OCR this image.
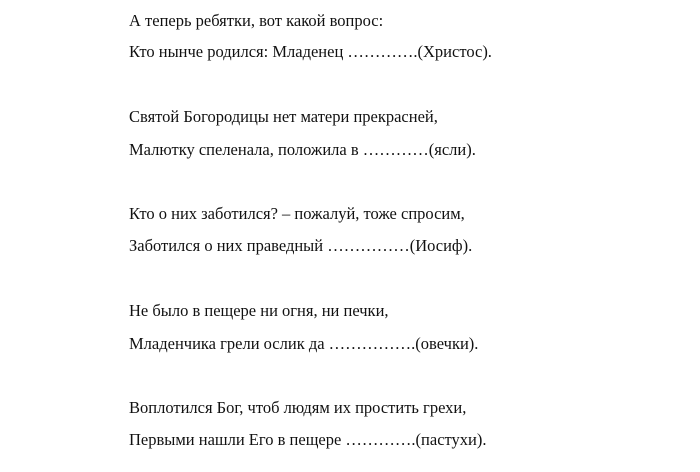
А теперь ребятки, вот какой вопрос:
Кто нынче родился: Младенец ………….(Христос).
Святой Богородицы нет матери прекрасней,
Малютку спеленала, положила в …………(ясли).
Кто о них заботился? – пожалуй, тоже спросим,
Заботился о них праведный ……………(Иосиф).
Не было в пещере ни огня, ни печки,
Младенчика грели ослик да …………….(овечки).
Воплотился Бог, чтоб людям их простить грехи,
Первыми нашли Его в пещере ………….(пастухи).
